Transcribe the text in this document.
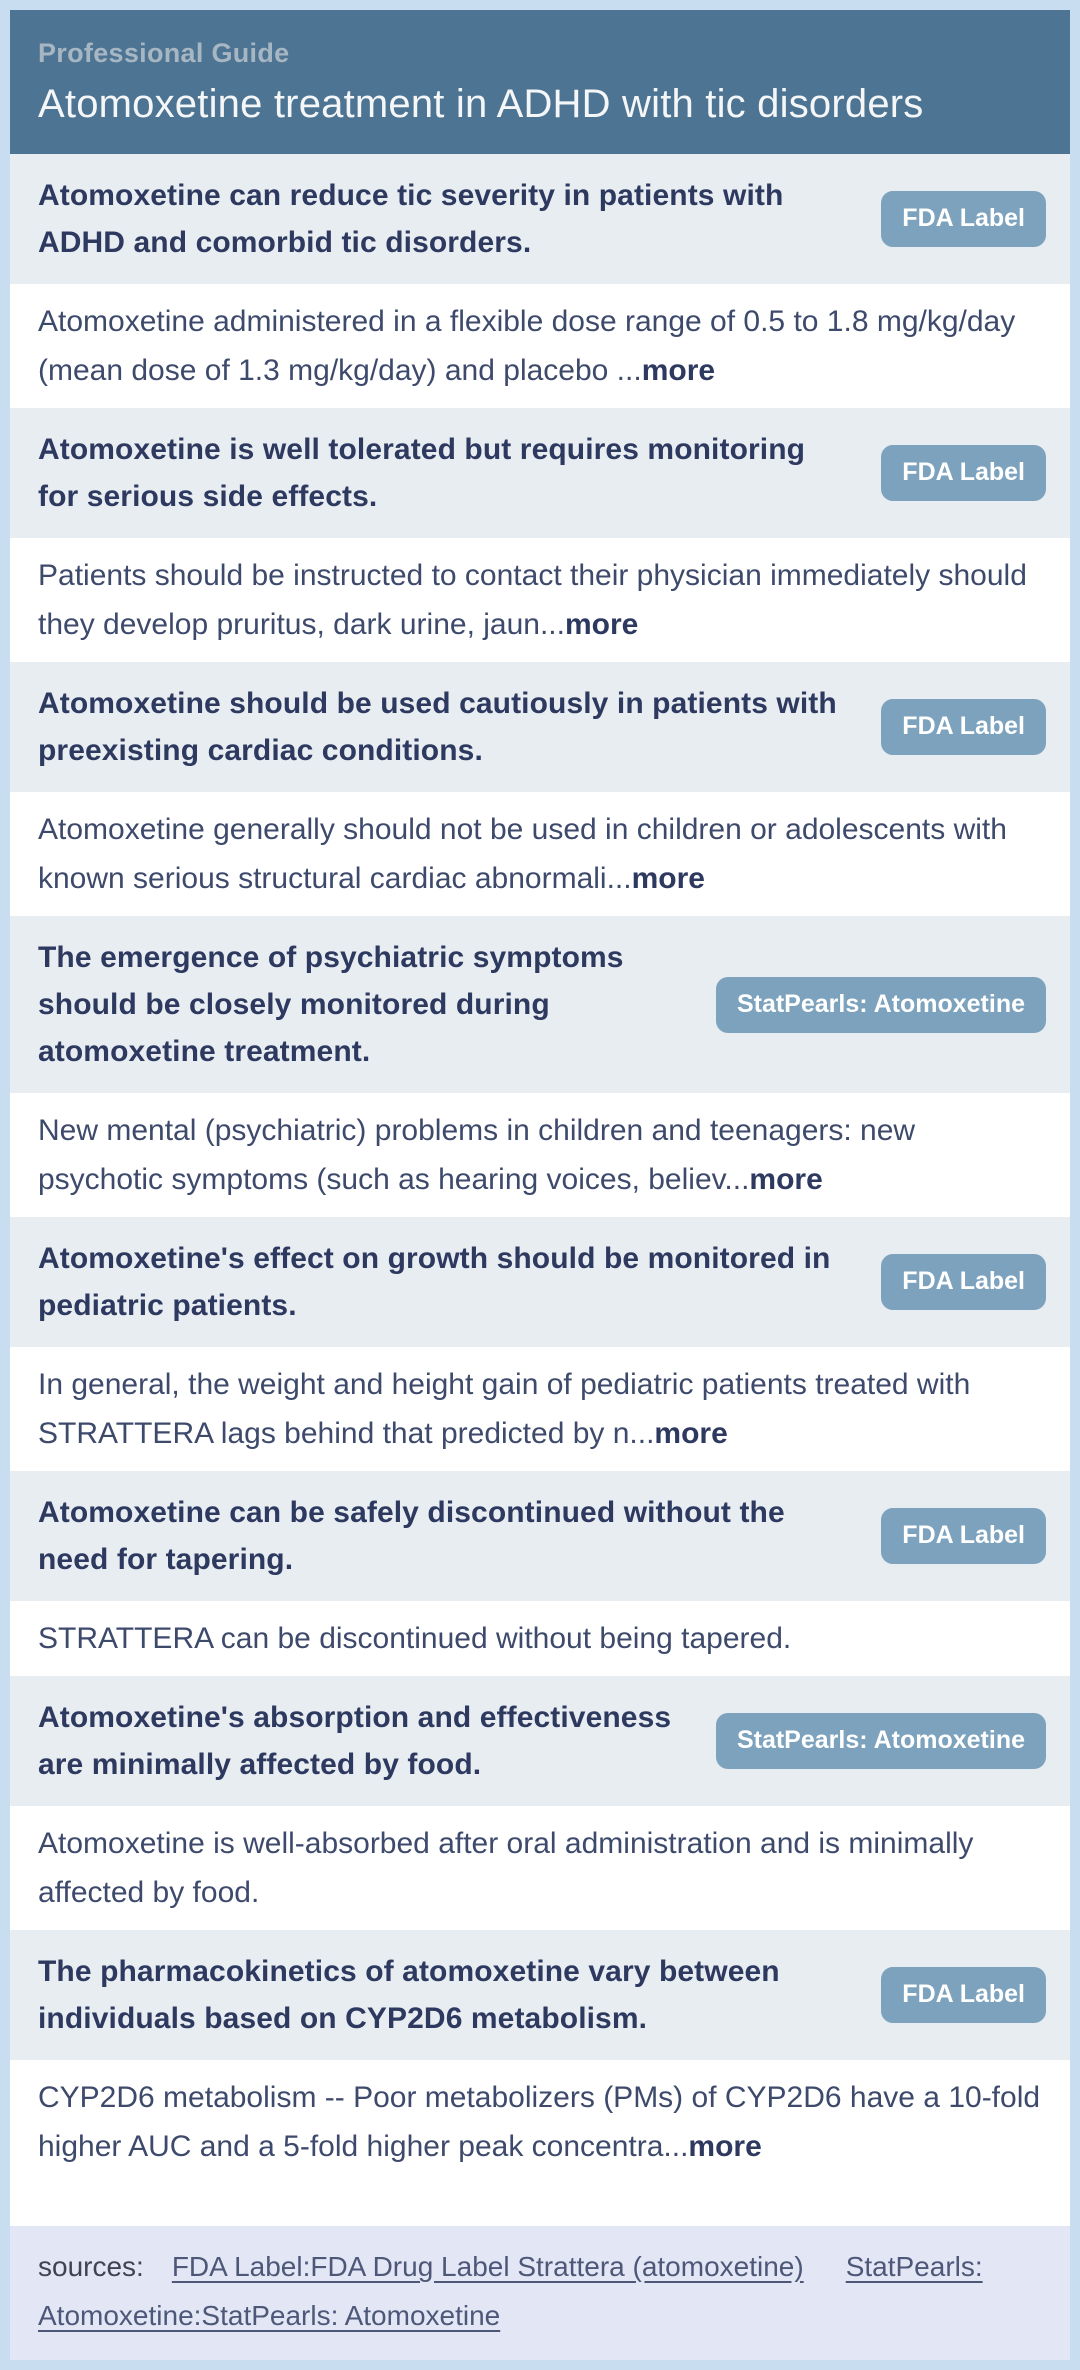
Professional Guide
Atomoxetine treatment in ADHD with tic disorders
Atomoxetine can reduce tic severity in patients with ADHD and comorbid tic disorders.
FDA Label

Atomoxetine administered in a flexible dose range of 0.5 to 1.8 mg/kg/day (mean dose of 1.3 mg/kg/day) and placebo ...more

Atomoxetine is well tolerated but requires monitoring for serious side effects.
FDA Label

Patients should be instructed to contact their physician immediately should they develop pruritus, dark urine, jaun...more

Atomoxetine should be used cautiously in patients with preexisting cardiac conditions.
FDA Label

Atomoxetine generally should not be used in children or adolescents with known serious structural cardiac abnormali...more

The emergence of psychiatric symptoms should be closely monitored during atomoxetine treatment.
StatPearls: Atomoxetine

New mental (psychiatric) problems in children and teenagers: new psychotic symptoms (such as hearing voices, believ...more

Atomoxetine's effect on growth should be monitored in pediatric patients.
FDA Label

In general, the weight and height gain of pediatric patients treated with STRATTERA lags behind that predicted by n...more

Atomoxetine can be safely discontinued without the need for tapering.
FDA Label

STRATTERA can be discontinued without being tapered.

Atomoxetine's absorption and effectiveness are minimally affected by food.
StatPearls: Atomoxetine

Atomoxetine is well-absorbed after oral administration and is minimally affected by food.

The pharmacokinetics of atomoxetine vary between individuals based on CYP2D6 metabolism.
FDA Label

CYP2D6 metabolism -- Poor metabolizers (PMs) of CYP2D6 have a 10-fold higher AUC and a 5-fold higher peak concentra...more

sources: FDA Label:FDA Drug Label Strattera (atomoxetine) StatPearls: Atomoxetine:StatPearls: Atomoxetine
